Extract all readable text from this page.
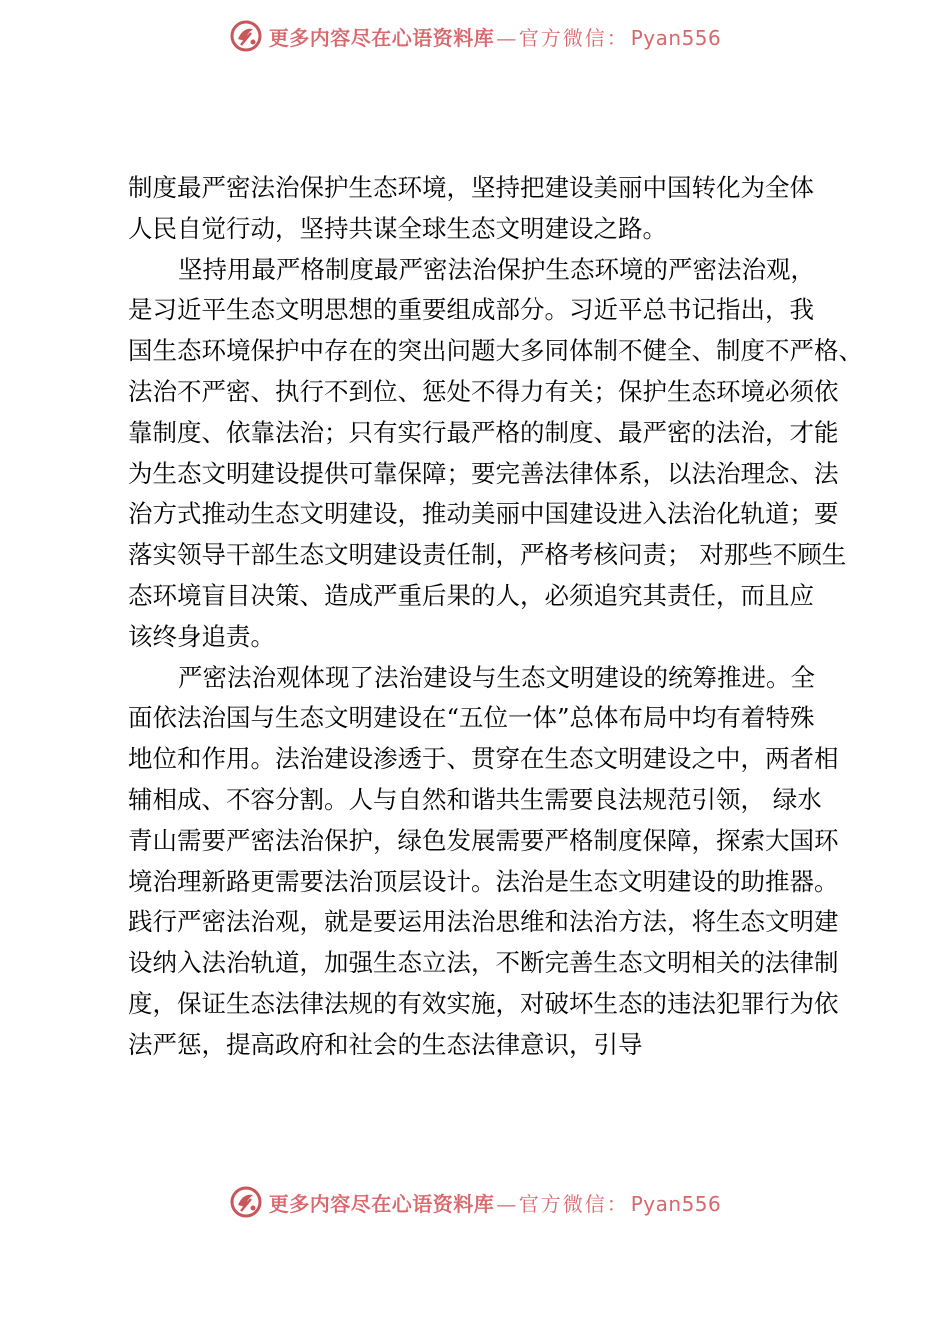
更多内容尽在心语资料库 — 官方微信： Pyan556
制度最严密法治保护生态环境，坚持把建设美丽中国转化为全体
人民自觉行动，坚持共谋全球生态文明建设之路。
坚持用最严格制度最严密法治保护生态环境的严密法治观，
是习近平生态文明思想的重要组成部分。习近平总书记指出，我
国生态环境保护中存在的突出问题大多同体制不健全、制度不严格、
法治不严密、执行不到位、惩处不得力有关；保护生态环境必须依
靠制度、依靠法治；只有实行最严格的制度、最严密的法治，才能
为生态文明建设提供可靠保障；要完善法律体系，以法治理念、法
治方式推动生态文明建设，推动美丽中国建设进入法治化轨道；要
落实领导干部生态文明建设责任制，严格考核问责； 对那些不顾生
态环境盲目决策、造成严重后果的人，必须追究其责任，而且应
该终身追责。
严密法治观体现了法治建设与生态文明建设的统筹推进。全
面依法治国与生态文明建设在“五位一体”总体布局中均有着特殊
地位和作用。法治建设渗透于、贯穿在生态文明建设之中，两者相
辅相成、不容分割。人与自然和谐共生需要良法规范引领， 绿水
青山需要严密法治保护，绿色发展需要严格制度保障，探索大国环
境治理新路更需要法治顶层设计。法治是生态文明建设的助推器。
践行严密法治观，就是要运用法治思维和法治方法，将生态文明建
设纳入法治轨道，加强生态立法，不断完善生态文明相关的法律制
度，保证生态法律法规的有效实施，对破坏生态的违法犯罪行为依
法严惩，提高政府和社会的生态法律意识，引导
更多内容尽在心语资料库 — 官方微信： Pyan556
